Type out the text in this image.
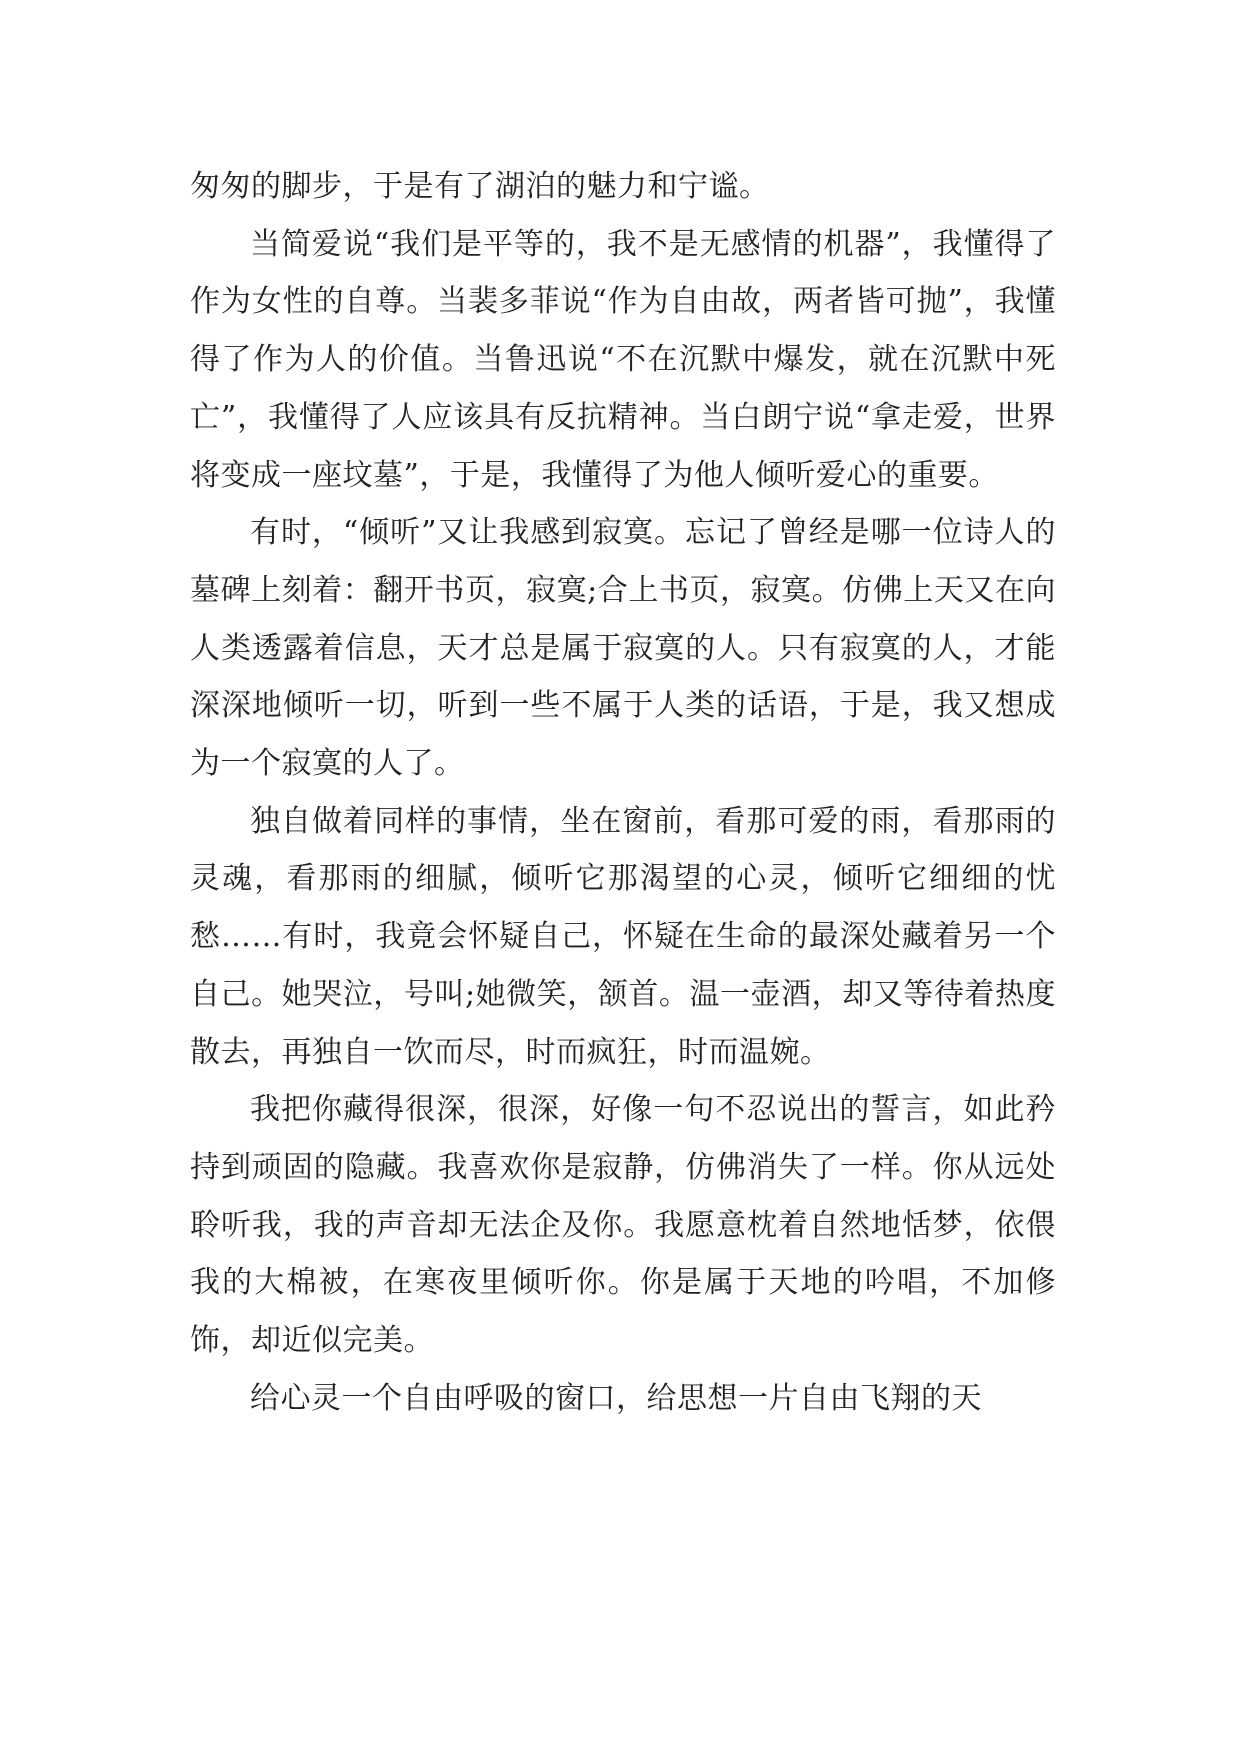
匆匆的脚步，于是有了湖泊的魅力和宁谧。

当简爱说“我们是平等的，我不是无感情的机器”，我懂得了作为女性的自尊。当裴多菲说“作为自由故，两者皆可抛”，我懂得了作为人的价值。当鲁迅说“不在沉默中爆发，就在沉默中死亡”，我懂得了人应该具有反抗精神。当白朗宁说“拿走爱，世界将变成一座坟墓”，于是，我懂得了为他人倾听爱心的重要。

有时，“倾听”又让我感到寂寞。忘记了曾经是哪一位诗人的墓碑上刻着：翻开书页，寂寞;合上书页，寂寞。仿佛上天又在向人类透露着信息，天才总是属于寂寞的人。只有寂寞的人，才能深深地倾听一切，听到一些不属于人类的话语，于是，我又想成为一个寂寞的人了。

独自做着同样的事情，坐在窗前，看那可爱的雨，看那雨的灵魂，看那雨的细腻，倾听它那渴望的心灵，倾听它细细的忧愁……有时，我竟会怀疑自己，怀疑在生命的最深处藏着另一个自己。她哭泣，号叫;她微笑，颔首。温一壶酒，却又等待着热度散去，再独自一饮而尽，时而疯狂，时而温婉。

我把你藏得很深，很深，好像一句不忍说出的誓言，如此矜持到顽固的隐藏。我喜欢你是寂静，仿佛消失了一样。你从远处聆听我，我的声音却无法企及你。我愿意枕着自然地恬梦，依偎我的大棉被，在寒夜里倾听你。你是属于天地的吟唱，不加修饰，却近似完美。

给心灵一个自由呼吸的窗口，给思想一片自由飞翔的天
